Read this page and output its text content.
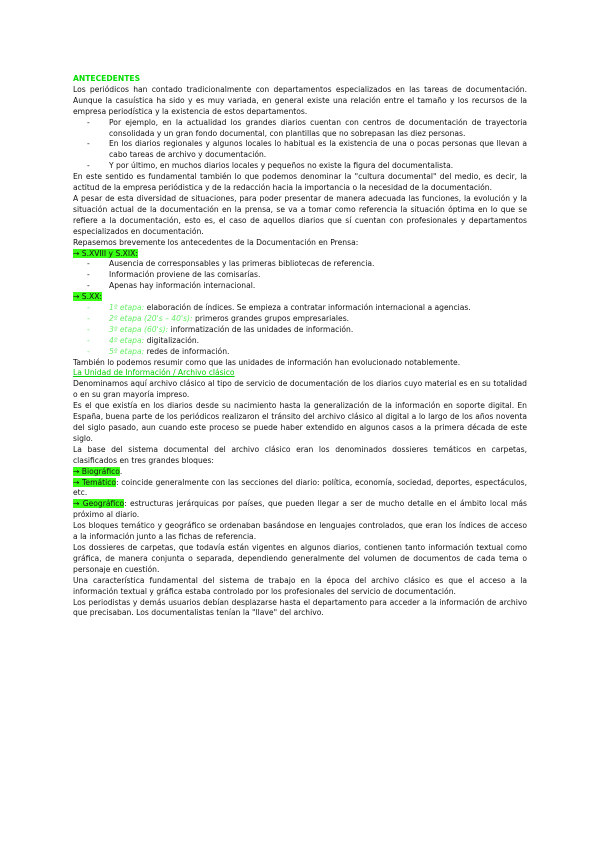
ANTECEDENTES

Los periódicos han contado tradicionalmente con departamentos especializados en las tareas de documentación. Aunque la casuística ha sido y es muy variada, en general existe una relación entre el tamaño y los recursos de la empresa periodística y la existencia de estos departamentos.

-	Por ejemplo, en la actualidad los grandes diarios cuentan con centros de documentación de trayectoria consolidada y un gran fondo documental, con plantillas que no sobrepasan las diez personas.
-	En los diarios regionales y algunos locales lo habitual es la existencia de una o pocas personas que llevan a cabo tareas de archivo y documentación.
-	Y por último, en muchos diarios locales y pequeños no existe la figura del documentalista.

En este sentido es fundamental también lo que podemos denominar la "cultura documental" del medio, es decir, la actitud de la empresa periódistica y de la redacción hacia la importancia o la necesidad de la documentación.

A pesar de esta diversidad de situaciones, para poder presentar de manera adecuada las funciones, la evolución y la situación actual de la documentación en la prensa, se va a tomar como referencia la situación óptima en lo que se refiere a la documentación, esto es, el caso de aquellos diarios que sí cuentan con profesionales y departamentos especializados en documentación.

Repasemos brevemente los antecedentes de la Documentación en Prensa:

→ S.XVIII y S.XIX:

-	Ausencia de corresponsables y las primeras bibliotecas de referencia.
-	Información proviene de las comisarías.
-	Apenas hay información internacional.

→ S.XX:

-	1º etapa: elaboración de índices. Se empieza a contratar información internacional a agencias.
-	2º etapa (20's – 40's): primeros grandes grupos empresariales.
-	3º etapa (60's): informatización de las unidades de información.
-	4º etapa: digitalización.
-	5º etapa: redes de información.

También lo podemos resumir como que las unidades de información han evolucionado notablemente.

La Unidad de Información / Archivo clásico

Denominamos aquí archivo clásico al tipo de servicio de documentación de los diarios cuyo material es en su totalidad o en su gran mayoría impreso.

Es el que existía en los diarios desde su nacimiento hasta la generalización de la información en soporte digital. En España, buena parte de los periódicos realizaron el tránsito del archivo clásico al digital a lo largo de los años noventa del siglo pasado, aun cuando este proceso se puede haber extendido en algunos casos a la primera década de este siglo.

La base del sistema documental del archivo clásico eran los denominados dossieres temáticos en carpetas, clasificados en tres grandes bloques:

→ Biográfico.

→ Temático: coincide generalmente con las secciones del diario: política, economía, sociedad, deportes, espectáculos, etc.

→ Geográfico: estructuras jerárquicas por países, que pueden llegar a ser de mucho detalle en el ámbito local más próximo al diario.

Los bloques temático y geográfico se ordenaban basándose en lenguajes controlados, que eran los índices de acceso a la información junto a las fichas de referencia.

Los dossieres de carpetas, que todavía están vigentes en algunos diarios, contienen tanto información textual como gráfica, de manera conjunta o separada, dependiendo generalmente del volumen de documentos de cada tema o personaje en cuestión.

Una característica fundamental del sistema de trabajo en la época del archivo clásico es que el acceso a la información textual y gráfica estaba controlado por los profesionales del servicio de documentación.

Los periodistas y demás usuarios debían desplazarse hasta el departamento para acceder a la información de archivo que precisaban. Los documentalistas tenían la "llave" del archivo.
